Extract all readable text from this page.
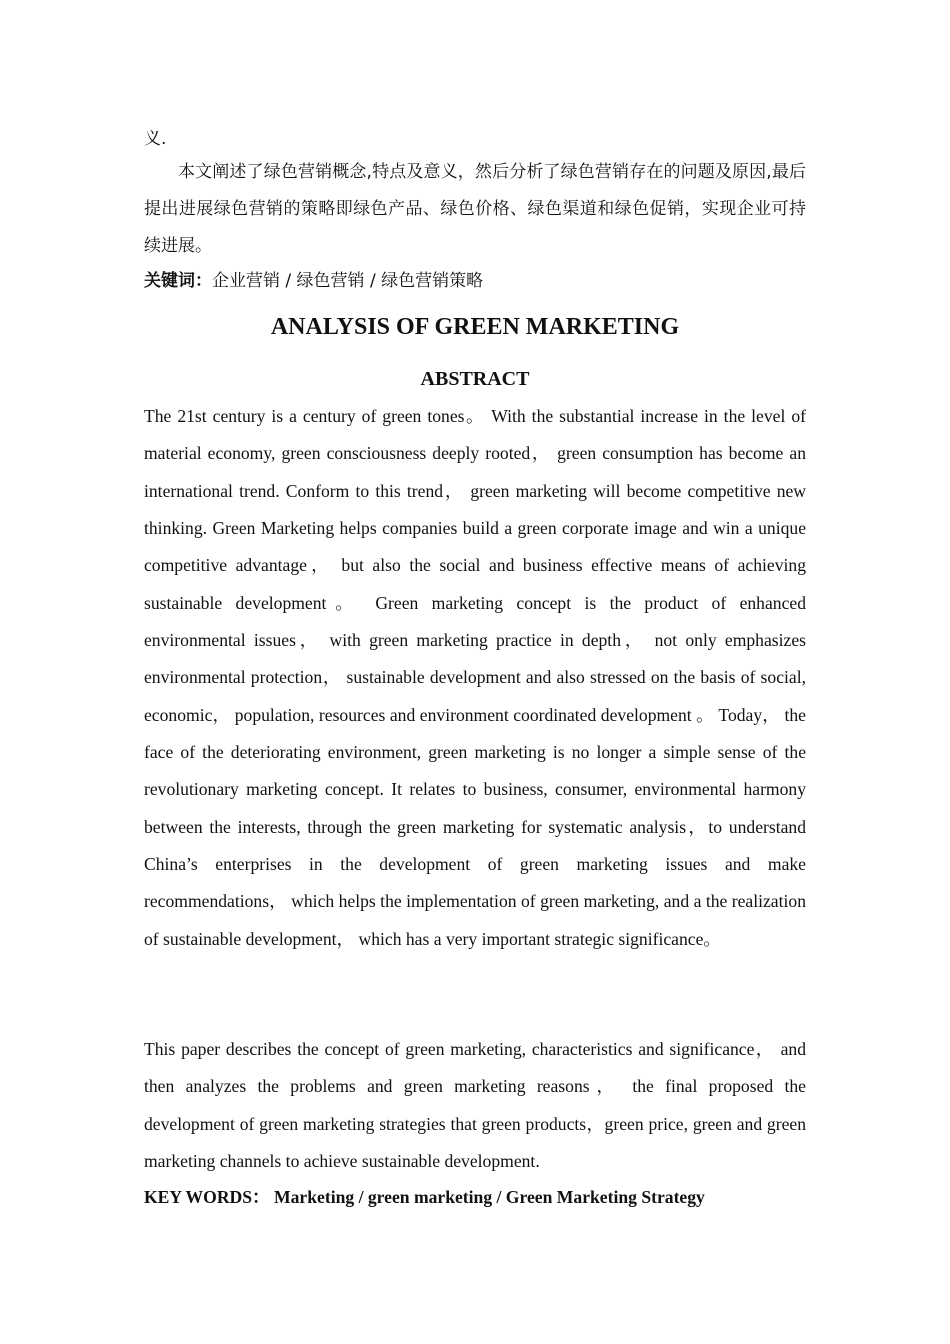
义.
本文阐述了绿色营销概念,特点及意义，然后分析了绿色营销存在的问题及原因,最后提出进展绿色营销的策略即绿色产品、绿色价格、绿色渠道和绿色促销，实现企业可持续进展。
关键词：企业营销 / 绿色营销 / 绿色营销策略
ANALYSIS OF GREEN MARKETING
ABSTRACT
The 21st century is a century of green tones。 With the substantial increase in the level of material economy, green consciousness deeply rooted， green consumption has become an international trend. Conform to this trend， green marketing will become competitive new thinking. Green Marketing helps companies build a green corporate image and win a unique competitive advantage， but also the social and business effective means of achieving sustainable development。 Green marketing concept is the product of enhanced environmental issues， with green marketing practice in depth， not only emphasizes environmental protection， sustainable development and also stressed on the basis of social, economic， population, resources and environment coordinated development 。 Today， the face of the deteriorating environment, green marketing is no longer a simple sense of the revolutionary marketing concept. It relates to business, consumer, environmental harmony between the interests, through the green marketing for systematic analysis，to understand China’s enterprises in the development of green marketing issues and make recommendations， which helps the implementation of green marketing, and a the realization of sustainable development， which has a very important strategic significance。
This paper describes the concept of green marketing, characteristics and significance， and then analyzes the problems and green marketing reasons， the final proposed the development of green marketing strategies that green products，green price, green and green marketing channels to achieve sustainable development.
KEY WORDS： Marketing / green marketing / Green Marketing Strategy
